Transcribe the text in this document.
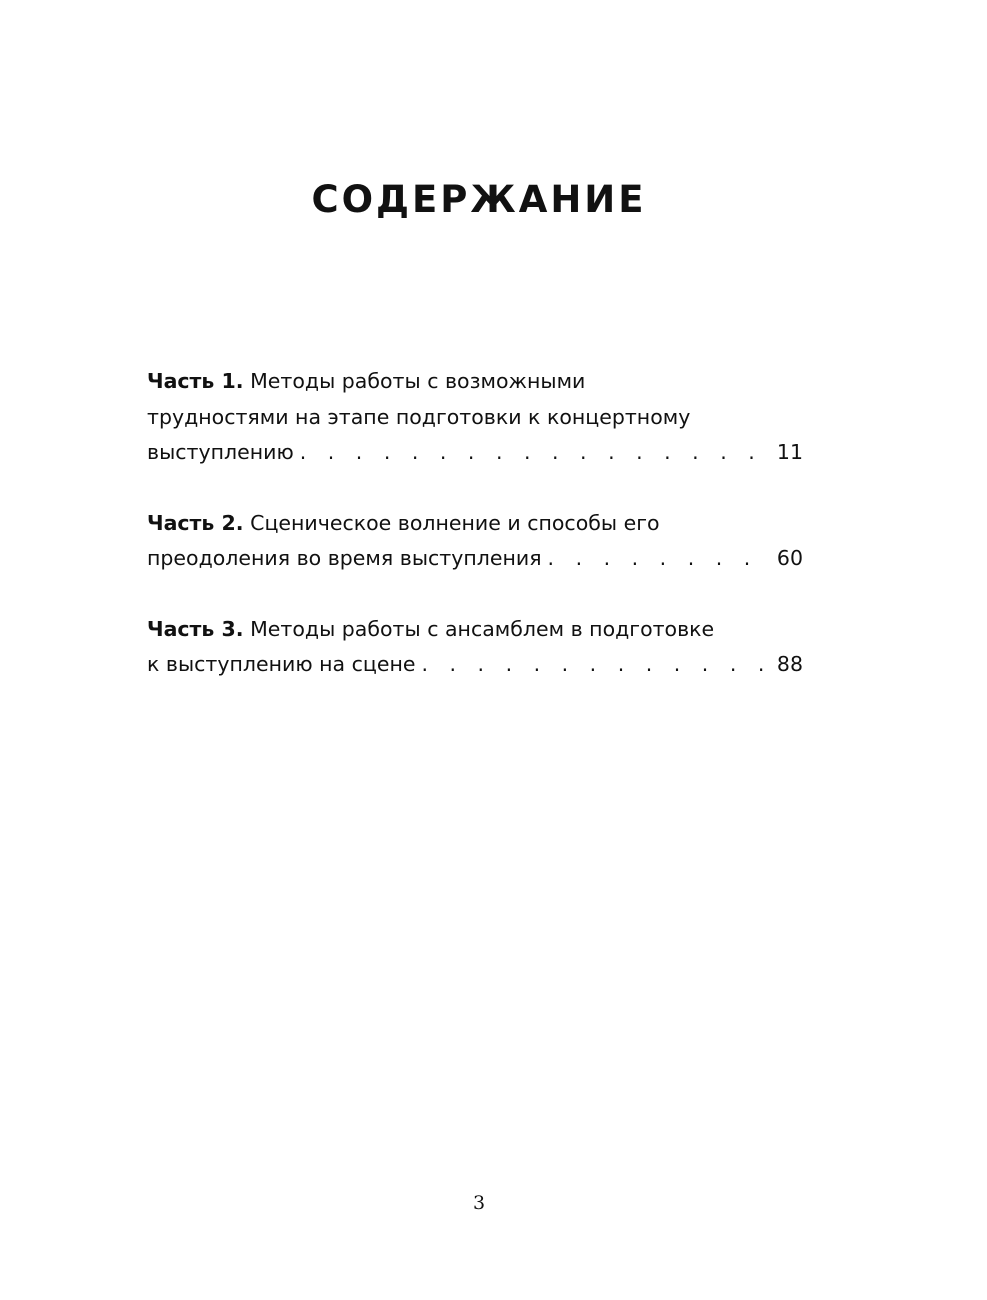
СОДЕРЖАНИЕ
Часть 1. Методы работы с возможными
трудностями на этапе подготовки к концертному
выступлению . . .	11
Часть 2. Сценическое волнение и способы его
преодоления во время выступления . . .	60
Часть 3. Методы работы с ансамблем в подготовке
к выступлению на сцене . . .	88
3
